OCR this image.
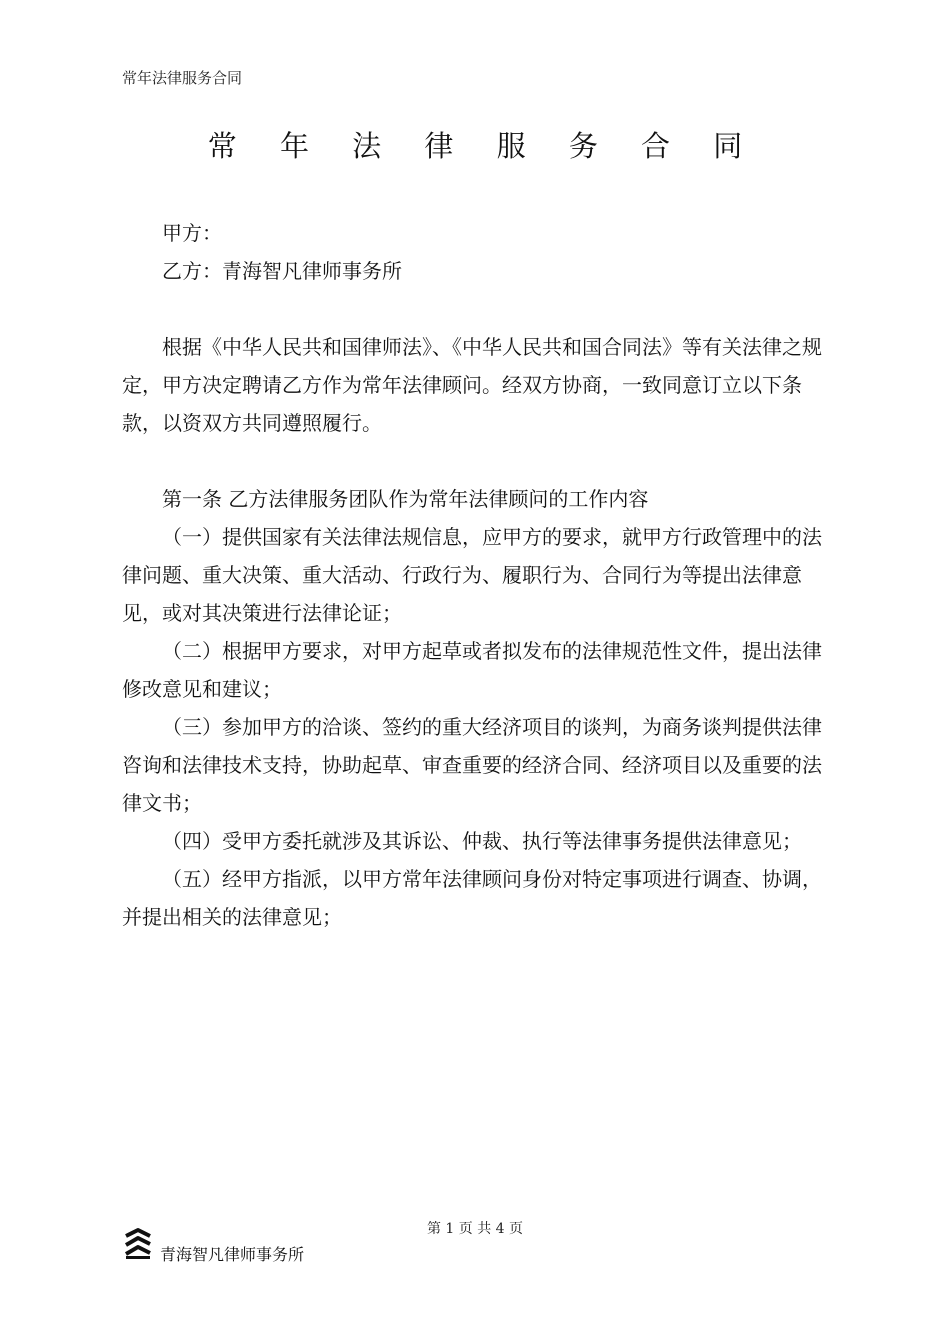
常年法律服务合同
常 年 法 律 服 务 合 同

甲方：

乙方：青海智凡律师事务所

根据《中华人民共和国律师法》、《中华人民共和国合同法》等有关法律之规定，甲方决定聘请乙方作为常年法律顾问。经双方协商，一致同意订立以下条款，以资双方共同遵照履行。

第一条 乙方法律服务团队作为常年法律顾问的工作内容

（一）提供国家有关法律法规信息，应甲方的要求，就甲方行政管理中的法律问题、重大决策、重大活动、行政行为、履职行为、合同行为等提出法律意见，或对其决策进行法律论证；

（二）根据甲方要求，对甲方起草或者拟发布的法律规范性文件，提出法律修改意见和建议；

（三）参加甲方的洽谈、签约的重大经济项目的谈判，为商务谈判提供法律咨询和法律技术支持，协助起草、审查重要的经济合同、经济项目以及重要的法律文书；

（四）受甲方委托就涉及其诉讼、仲裁、执行等法律事务提供法律意见；

（五）经甲方指派，以甲方常年法律顾问身份对特定事项进行调查、协调，并提出相关的法律意见；

第 1 页 共 4 页
青海智凡律师事务所
